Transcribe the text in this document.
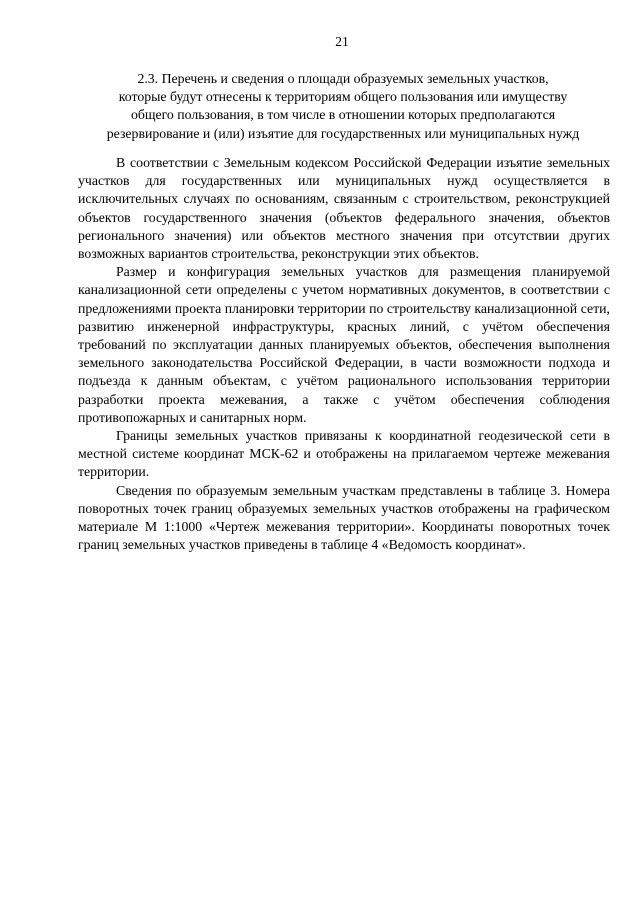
21
2.3. Перечень и сведения о площади образуемых земельных участков,
которые будут отнесены к территориям общего пользования или имуществу
общего пользования, в том числе в отношении которых предполагаются
резервирование и (или) изъятие для государственных или муниципальных нужд

В соответствии с Земельным кодексом Российской Федерации изъятие земельных участков для государственных или муниципальных нужд осуществляется в исключительных случаях по основаниям, связанным с строительством, реконструкцией объектов государственного значения (объектов федерального значения, объектов регионального значения) или объектов местного значения при отсутствии других возможных вариантов строительства, реконструкции этих объектов.

Размер и конфигурация земельных участков для размещения планируемой канализационной сети определены с учетом нормативных документов, в соответствии с предложениями проекта планировки территории по строительству канализационной сети, развитию инженерной инфраструктуры, красных линий, с учётом обеспечения требований по эксплуатации данных планируемых объектов, обеспечения выполнения земельного законодательства Российской Федерации, в части возможности подхода и подъезда к данным объектам, с учётом рационального использования территории разработки проекта межевания, а также с учётом обеспечения соблюдения противопожарных и санитарных норм.

Границы земельных участков привязаны к координатной геодезической сети в местной системе координат МСК-62 и отображены на прилагаемом чертеже межевания территории.

Сведения по образуемым земельным участкам представлены в таблице 3. Номера поворотных точек границ образуемых земельных участков отображены на графическом материале М 1:1000 «Чертеж межевания территории». Координаты поворотных точек границ земельных участков приведены в таблице 4 «Ведомость координат».
